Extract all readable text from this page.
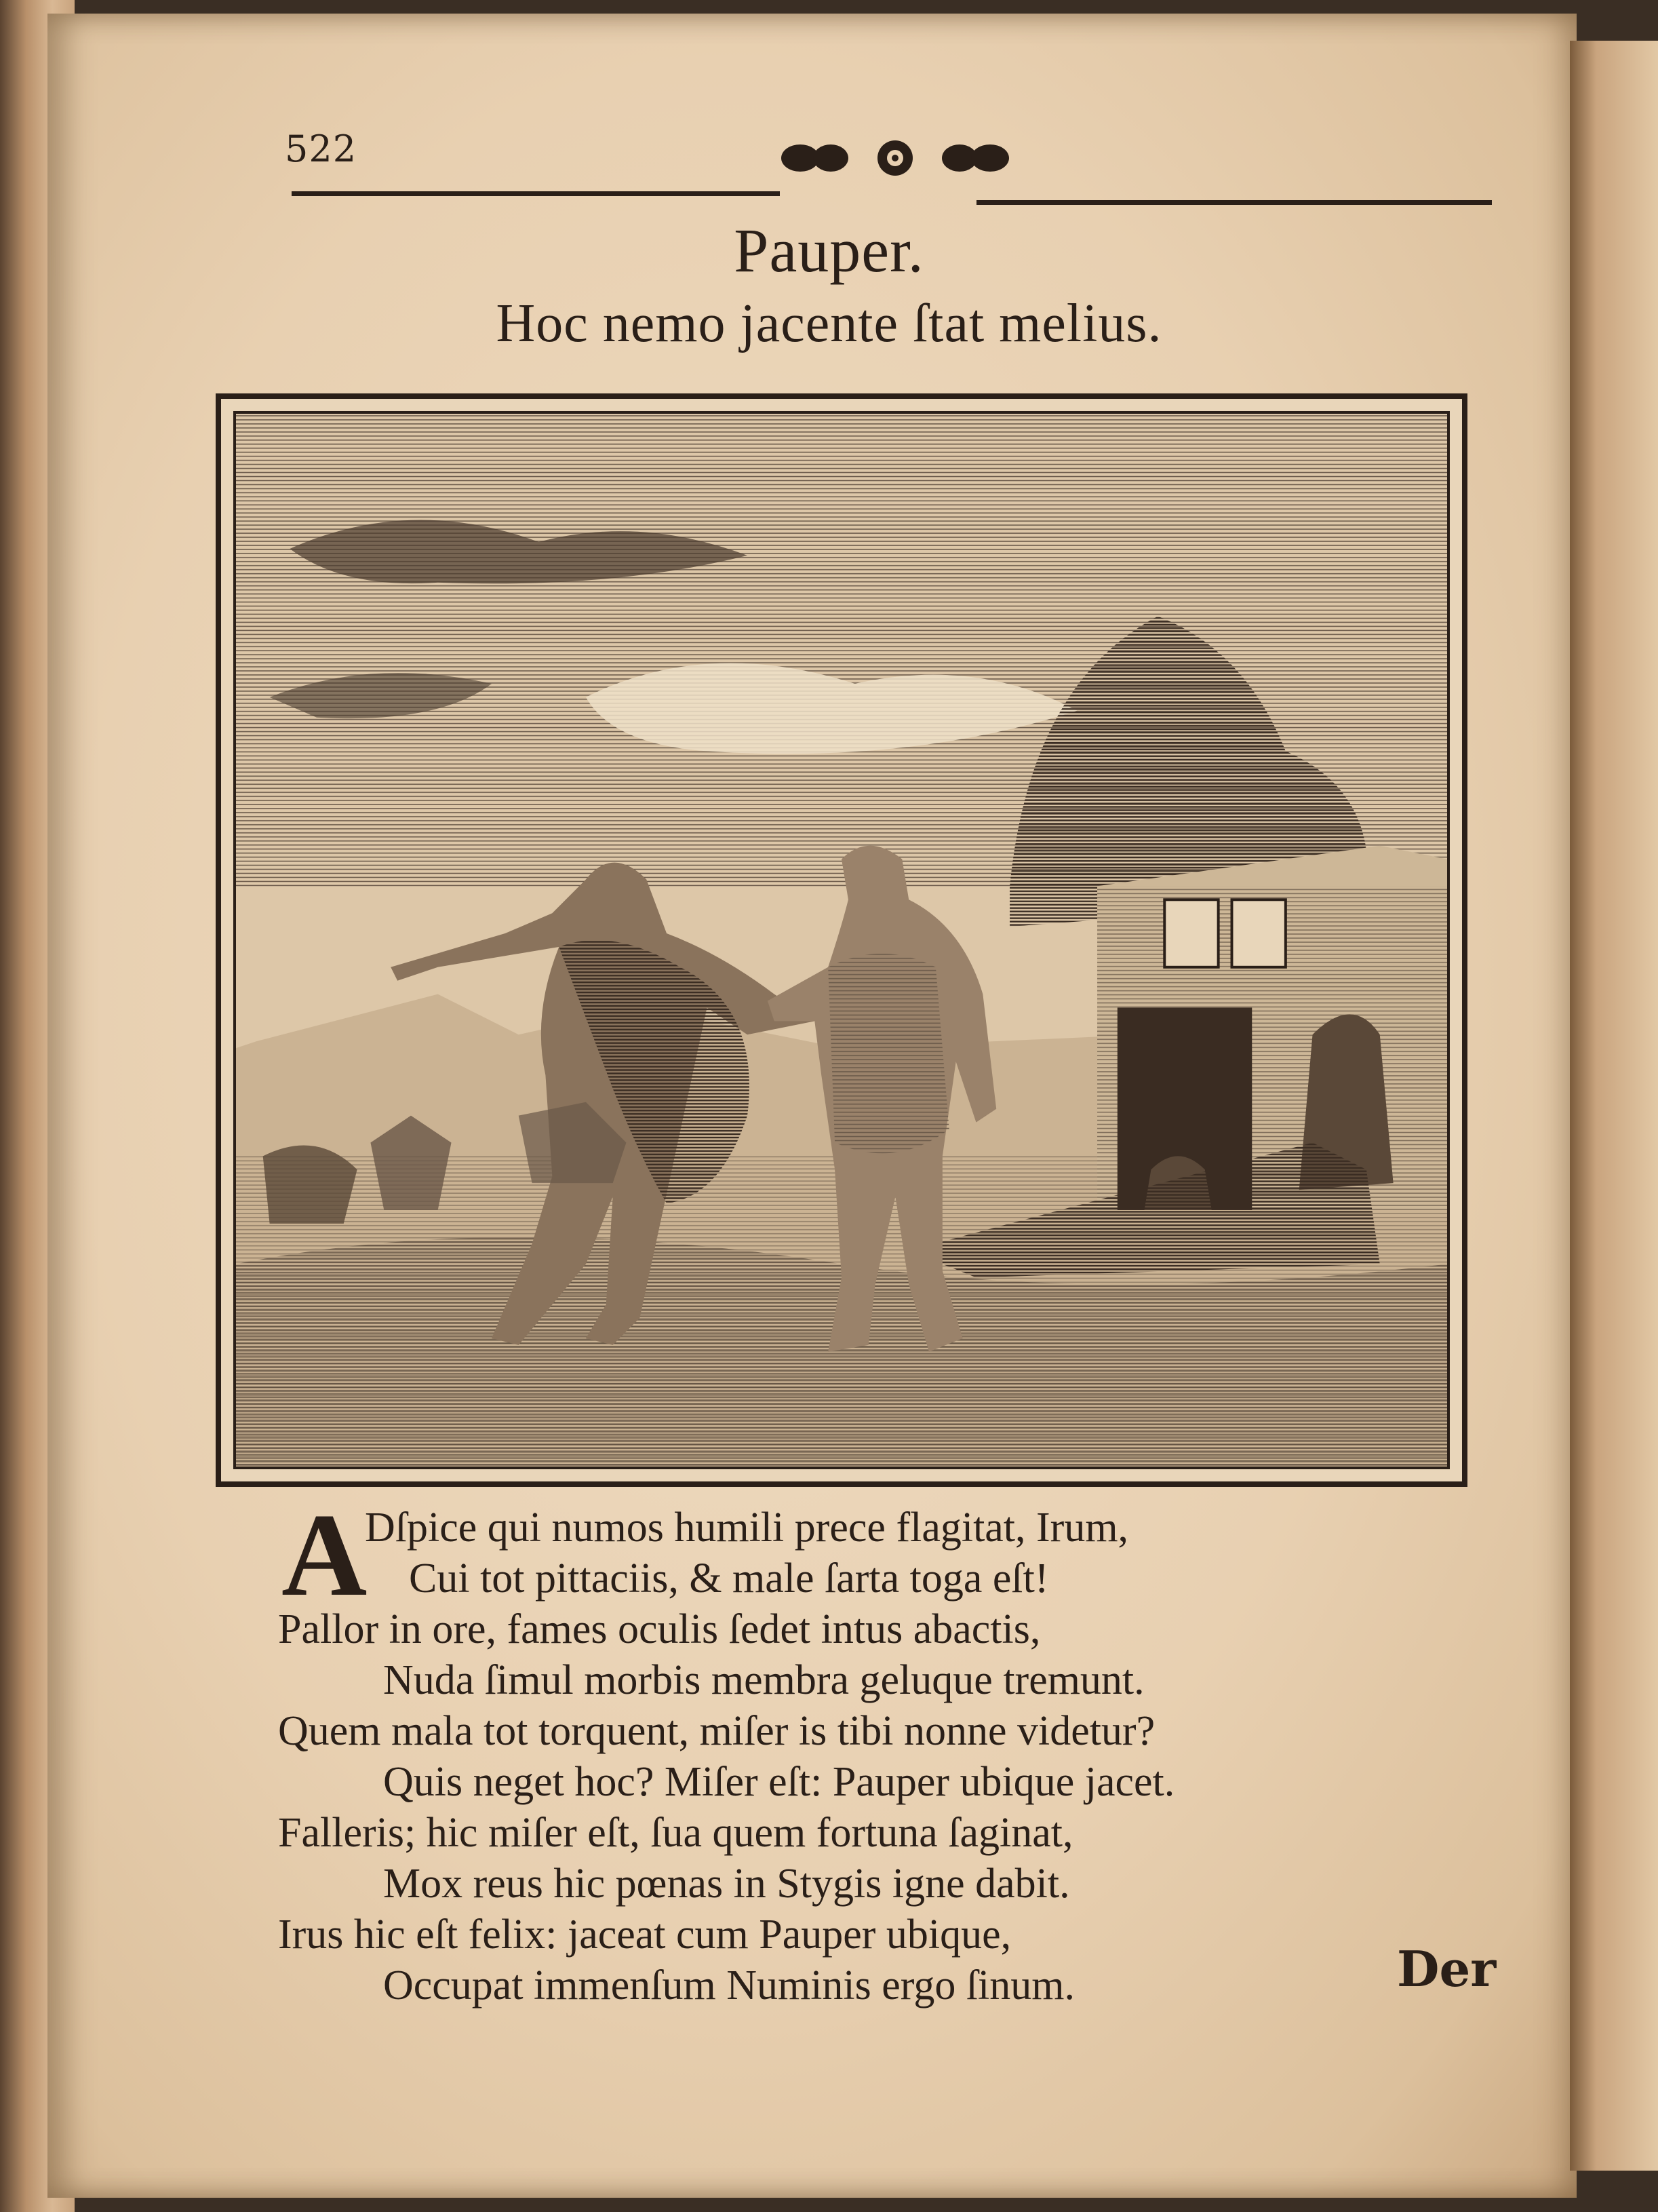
522
Pauper.
Hoc nemo jacente ſtat melius.
A
Dſpice qui numos humili prece flagitat, Irum,
Cui tot pittaciis, & male ſarta toga eſt!
Pallor in ore, fames oculis ſedet intus abactis,
Nuda ſimul morbis membra geluque tremunt.
Quem mala tot torquent, miſer is tibi nonne videtur?
Quis neget hoc? Miſer eſt: Pauper ubique jacet.
Falleris; hic miſer eſt, ſua quem fortuna ſaginat,
Mox reus hic pœnas in Stygis igne dabit.
Irus hic eſt felix: jaceat cum Pauper ubique,
Occupat immenſum Numinis ergo ſinum.	Der
